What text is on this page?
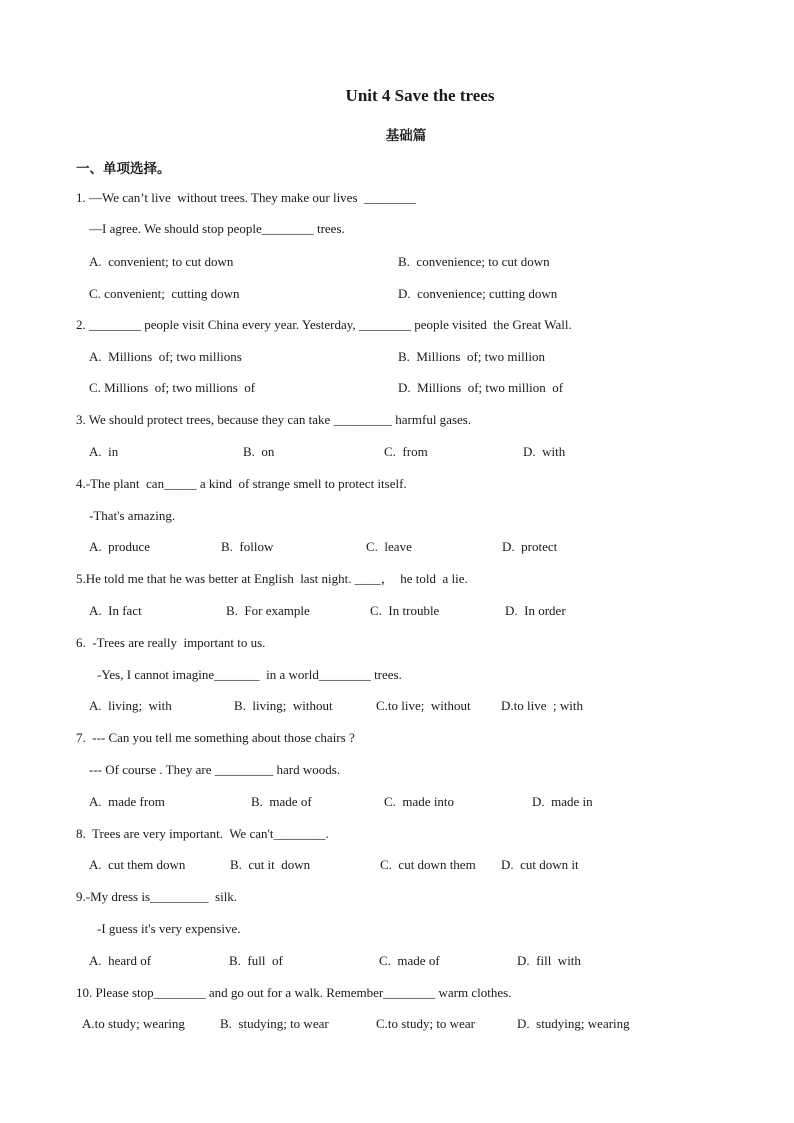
Unit 4 Save the trees
基础篇
一、单项选择。
1. —We can’t live  without trees. They make our lives  ________
—I agree. We should stop people________ trees.
A.  convenient; to cut down	B.  convenience; to cut down
C. convenient;  cutting down	D.  convenience; cutting down
2. ________ people visit China every year. Yesterday, ________ people visited  the Great Wall.
A.  Millions  of; two millions	B.  Millions  of; two million
C. Millions  of; two millions  of	D.  Millions  of; two million  of
3. We should protect trees, because they can take _________ harmful gases.
A.  in	B.  on	C.  from	D.  with
4.-The plant  can_____ a kind  of strange smell to protect itself.
-That's amazing.
A.  produce	B.  follow	C.  leave	D.  protect
5.He told me that he was better at English  last night. ____，  he told  a lie.
A.  In fact	B.  For example	C.  In trouble	D.  In order
6.  -Trees are really  important to us.
-Yes, I cannot imagine_______  in a world________ trees.
A.  living;  with	B.  living;  without	C.to live;  without D.to live  ; with
7.  --- Can you tell me something about those chairs ?
--- Of course . They are _________ hard woods.
A.  made from	B.  made of	C.  made into	D.  made in
8.  Trees are very important.  We can't________.
A.  cut them down	B.  cut it  down	C.  cut down them D.  cut down it
9.-My dress is_________  silk.
-I guess it's very expensive.
A.  heard of	B.  full  of	C.  made of	D.  fill  with
10. Please stop________ and go out for a walk. Remember________ warm clothes.
A.to study; wearing	B.  studying; to wear	C.to study; to wear	D.  studying; wearing
